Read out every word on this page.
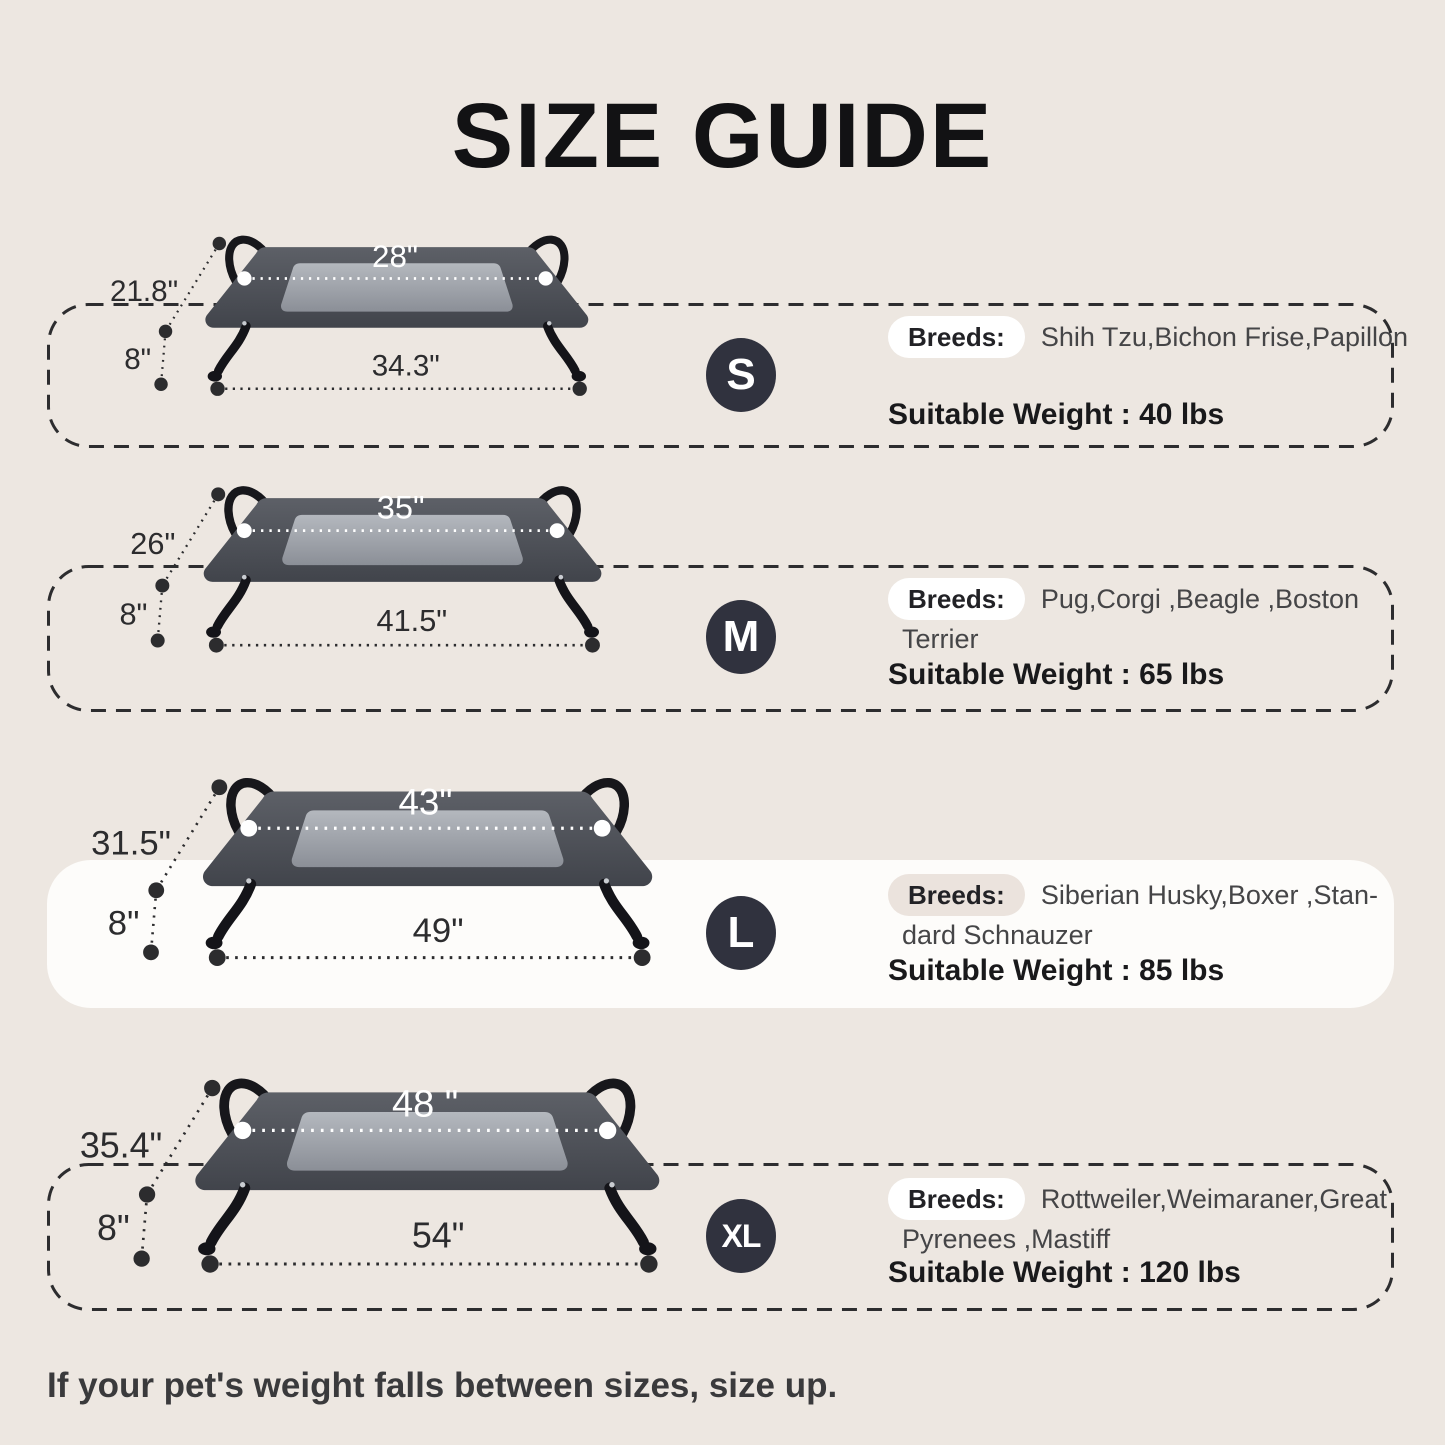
SIZE GUIDE
28"
21.8"
8"	34.3"
35"
26"
8"	41.5"
43"
31.5"
8"	49"
48 "
35.4"
8"	54"
S
M
L
XL
Breeds: Shih Tzu,Bichon Frise,Papillon
Suitable Weight : 40 lbs
Breeds: Pug,Corgi ,Beagle ,Boston
Terrier
Suitable Weight : 65 lbs
Breeds: Siberian Husky,Boxer ,Stan-
dard Schnauzer
Suitable Weight : 85 lbs
Breeds: Rottweiler,Weimaraner,Great
Pyrenees ,Mastiff
Suitable Weight : 120 lbs
If your pet's weight falls between sizes, size up.
